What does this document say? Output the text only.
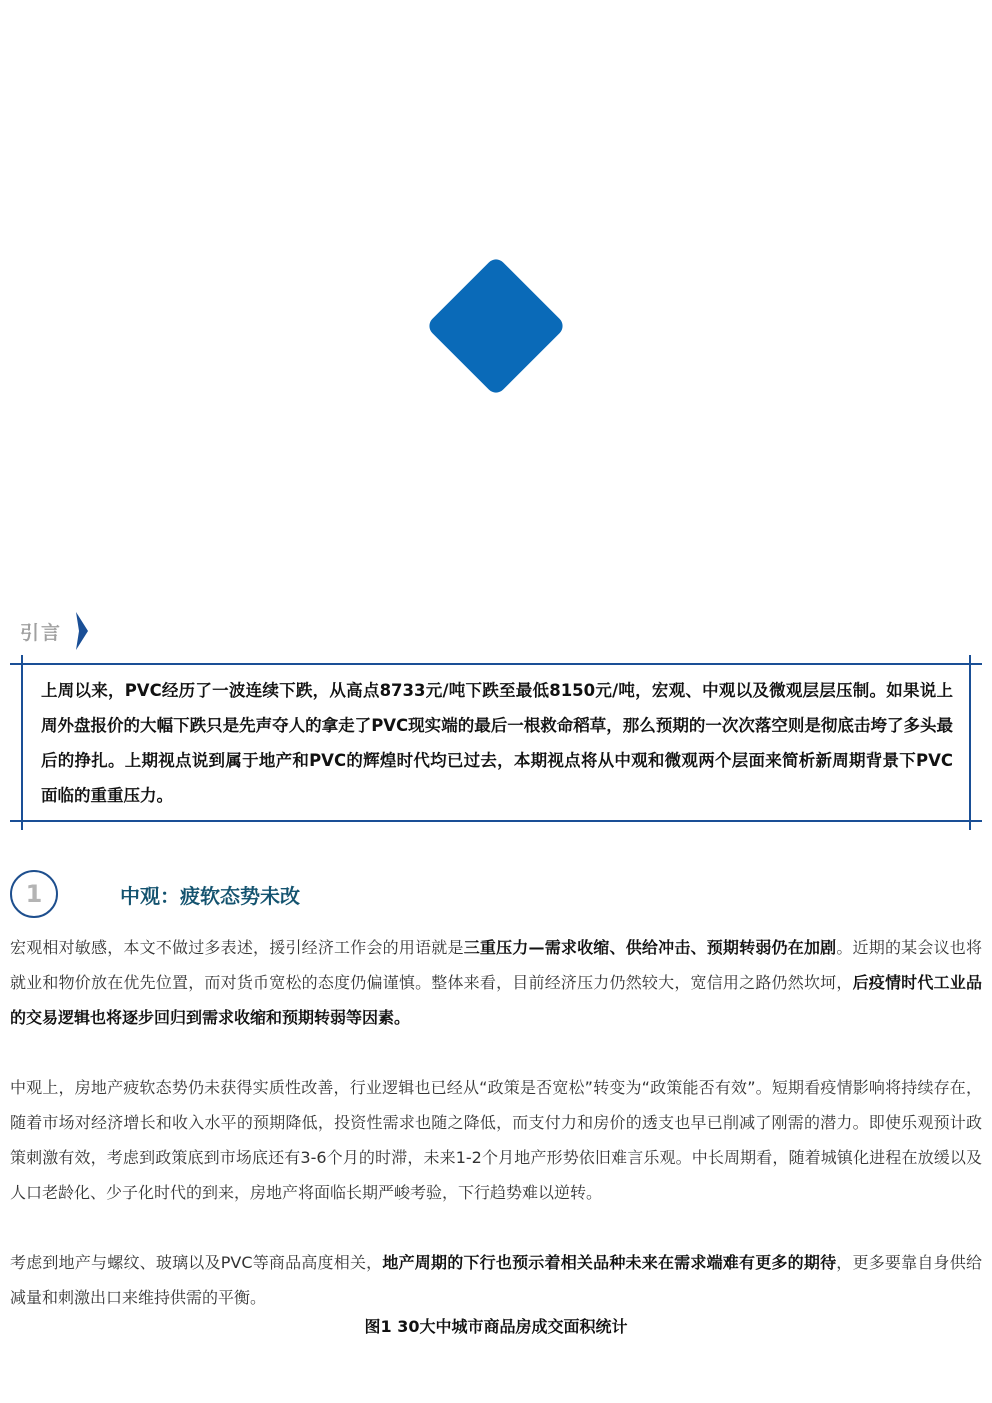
引言
上周以来，PVC经历了一波连续下跌，从高点8733元/吨下跌至最低8150元/吨，宏观、中观以及微观层层压制。如果说上周外盘报价的大幅下跌只是先声夺人的拿走了PVC现实端的最后一根救命稻草，那么预期的一次次落空则是彻底击垮了多头最后的挣扎。上期视点说到属于地产和PVC的辉煌时代均已过去，本期视点将从中观和微观两个层面来简析新周期背景下PVC面临的重重压力。
1	中观：疲软态势未改

宏观相对敏感，本文不做过多表述，援引经济工作会的用语就是三重压力—需求收缩、供给冲击、预期转弱仍在加剧。近期的某会议也将就业和物价放在优先位置，而对货币宽松的态度仍偏谨慎。整体来看，目前经济压力仍然较大，宽信用之路仍然坎坷，后疫情时代工业品的交易逻辑也将逐步回归到需求收缩和预期转弱等因素。

中观上，房地产疲软态势仍未获得实质性改善，行业逻辑也已经从“政策是否宽松”转变为“政策能否有效”。短期看疫情影响将持续存在，随着市场对经济增长和收入水平的预期降低，投资性需求也随之降低，而支付力和房价的透支也早已削减了刚需的潜力。即使乐观预计政策刺激有效，考虑到政策底到市场底还有3-6个月的时滞，未来1-2个月地产形势依旧难言乐观。中长周期看，随着城镇化进程在放缓以及人口老龄化、少子化时代的到来，房地产将面临长期严峻考验，下行趋势难以逆转。

考虑到地产与螺纹、玻璃以及PVC等商品高度相关，地产周期的下行也预示着相关品种未来在需求端难有更多的期待，更多要靠自身供给减量和刺激出口来维持供需的平衡。

图1 30大中城市商品房成交面积统计
